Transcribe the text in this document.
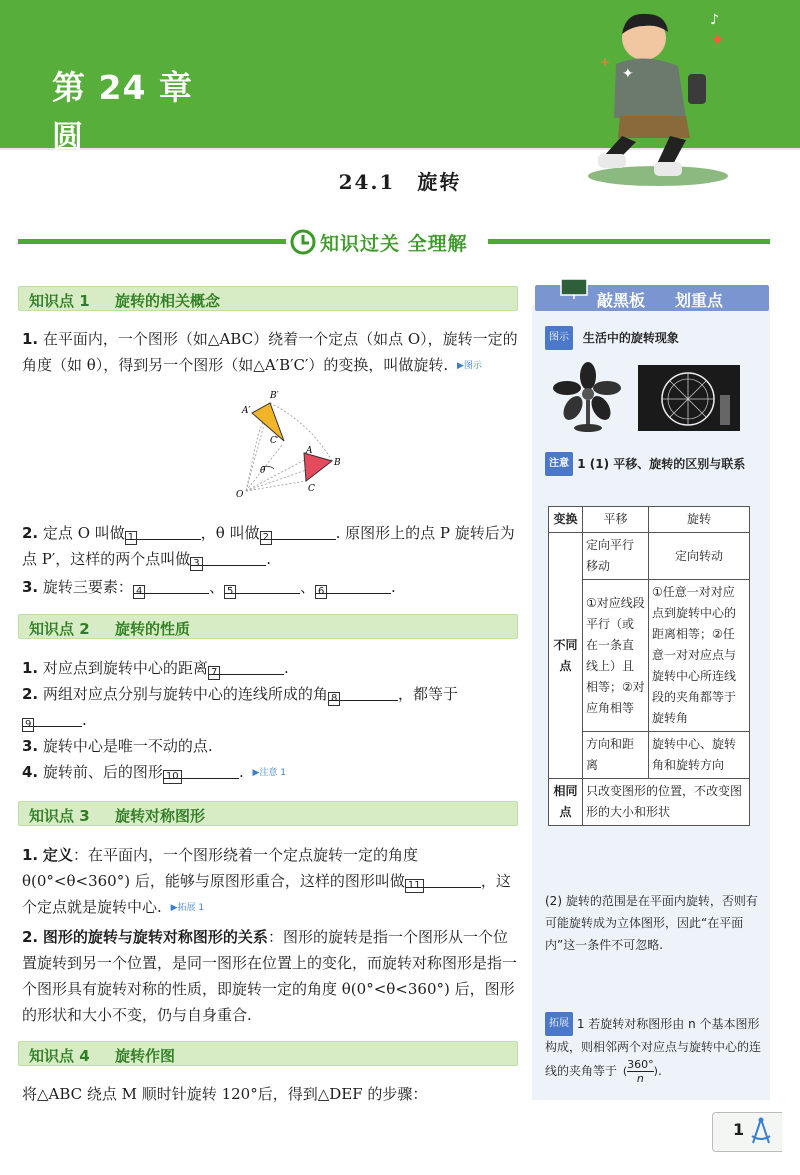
第 24 章
圆
✦
✦
♪
+
24.1　旋转
知识过关 全理解
知识点 1 旋转的相关概念
1. 在平面内，一个图形（如△ABC）绕着一个定点（如点 O），旋转一定的角度（如 θ），得到另一个图形（如△A′B′C′）的变换，叫做旋转. ▶图示
B′
A′
C′
A
B
C
θ
O
2. 定点 O 叫做 1	，θ 叫做 2	. 原图形上的点 P 旋转后为点 P′，这样的两个点叫做 3	.
3. 旋转三要素： 4	、 5	、 6	.
知识点 2 旋转的性质
1. 对应点到旋转中心的距离 7	.
2. 两组对应点分别与旋转中心的连线所成的角 8	，都等于
9	.
3. 旋转中心是唯一不动的点.
4. 旋转前、后的图形 10	. ▶注意 1
知识点 3 旋转对称图形
1. 定义：在平面内，一个图形绕着一个定点旋转一定的角度 θ(0°<θ<360°) 后，能够与原图形重合，这样的图形叫做 11	，这个定点就是旋转中心. ▶拓展 1
2. 图形的旋转与旋转对称图形的关系：图形的旋转是指一个图形从一个位置旋转到另一个位置，是同一图形在位置上的变化，而旋转对称图形是指一个图形具有旋转对称的性质，即旋转一定的角度 θ(0°<θ<360°) 后，图形的形状和大小不变，仍与自身重合.
知识点 4 旋转作图
将△ABC 绕点 M 顺时针旋转 120°后，得到△DEF 的步骤：
敲黑板 划重点
图示 生活中的旋转现象
注意 1 (1) 平移、旋转的区别与联系
变换	平移	旋转
不同点	定向平行移动	定向转动
	①对应线段平行（或在一条直线上）且相等；②对应角相等	①任意一对对应点到旋转中心的距离相等；②任意一对对应点与旋转中心所连线段的夹角都等于旋转角
	方向和距离	旋转中心、旋转角和旋转方向
相同点	只改变图形的位置，不改变图形的大小和形状	
(2) 旋转的范围是在平面内旋转，否则有可能旋转成为立体图形，因此“在平面内”这一条件不可忽略.
拓展 1 若旋转对称图形由 n 个基本图形构成，则相邻两个对应点与旋转中心的连线的夹角等于 ( $\frac{360^\circ}{n}$ ).
1
